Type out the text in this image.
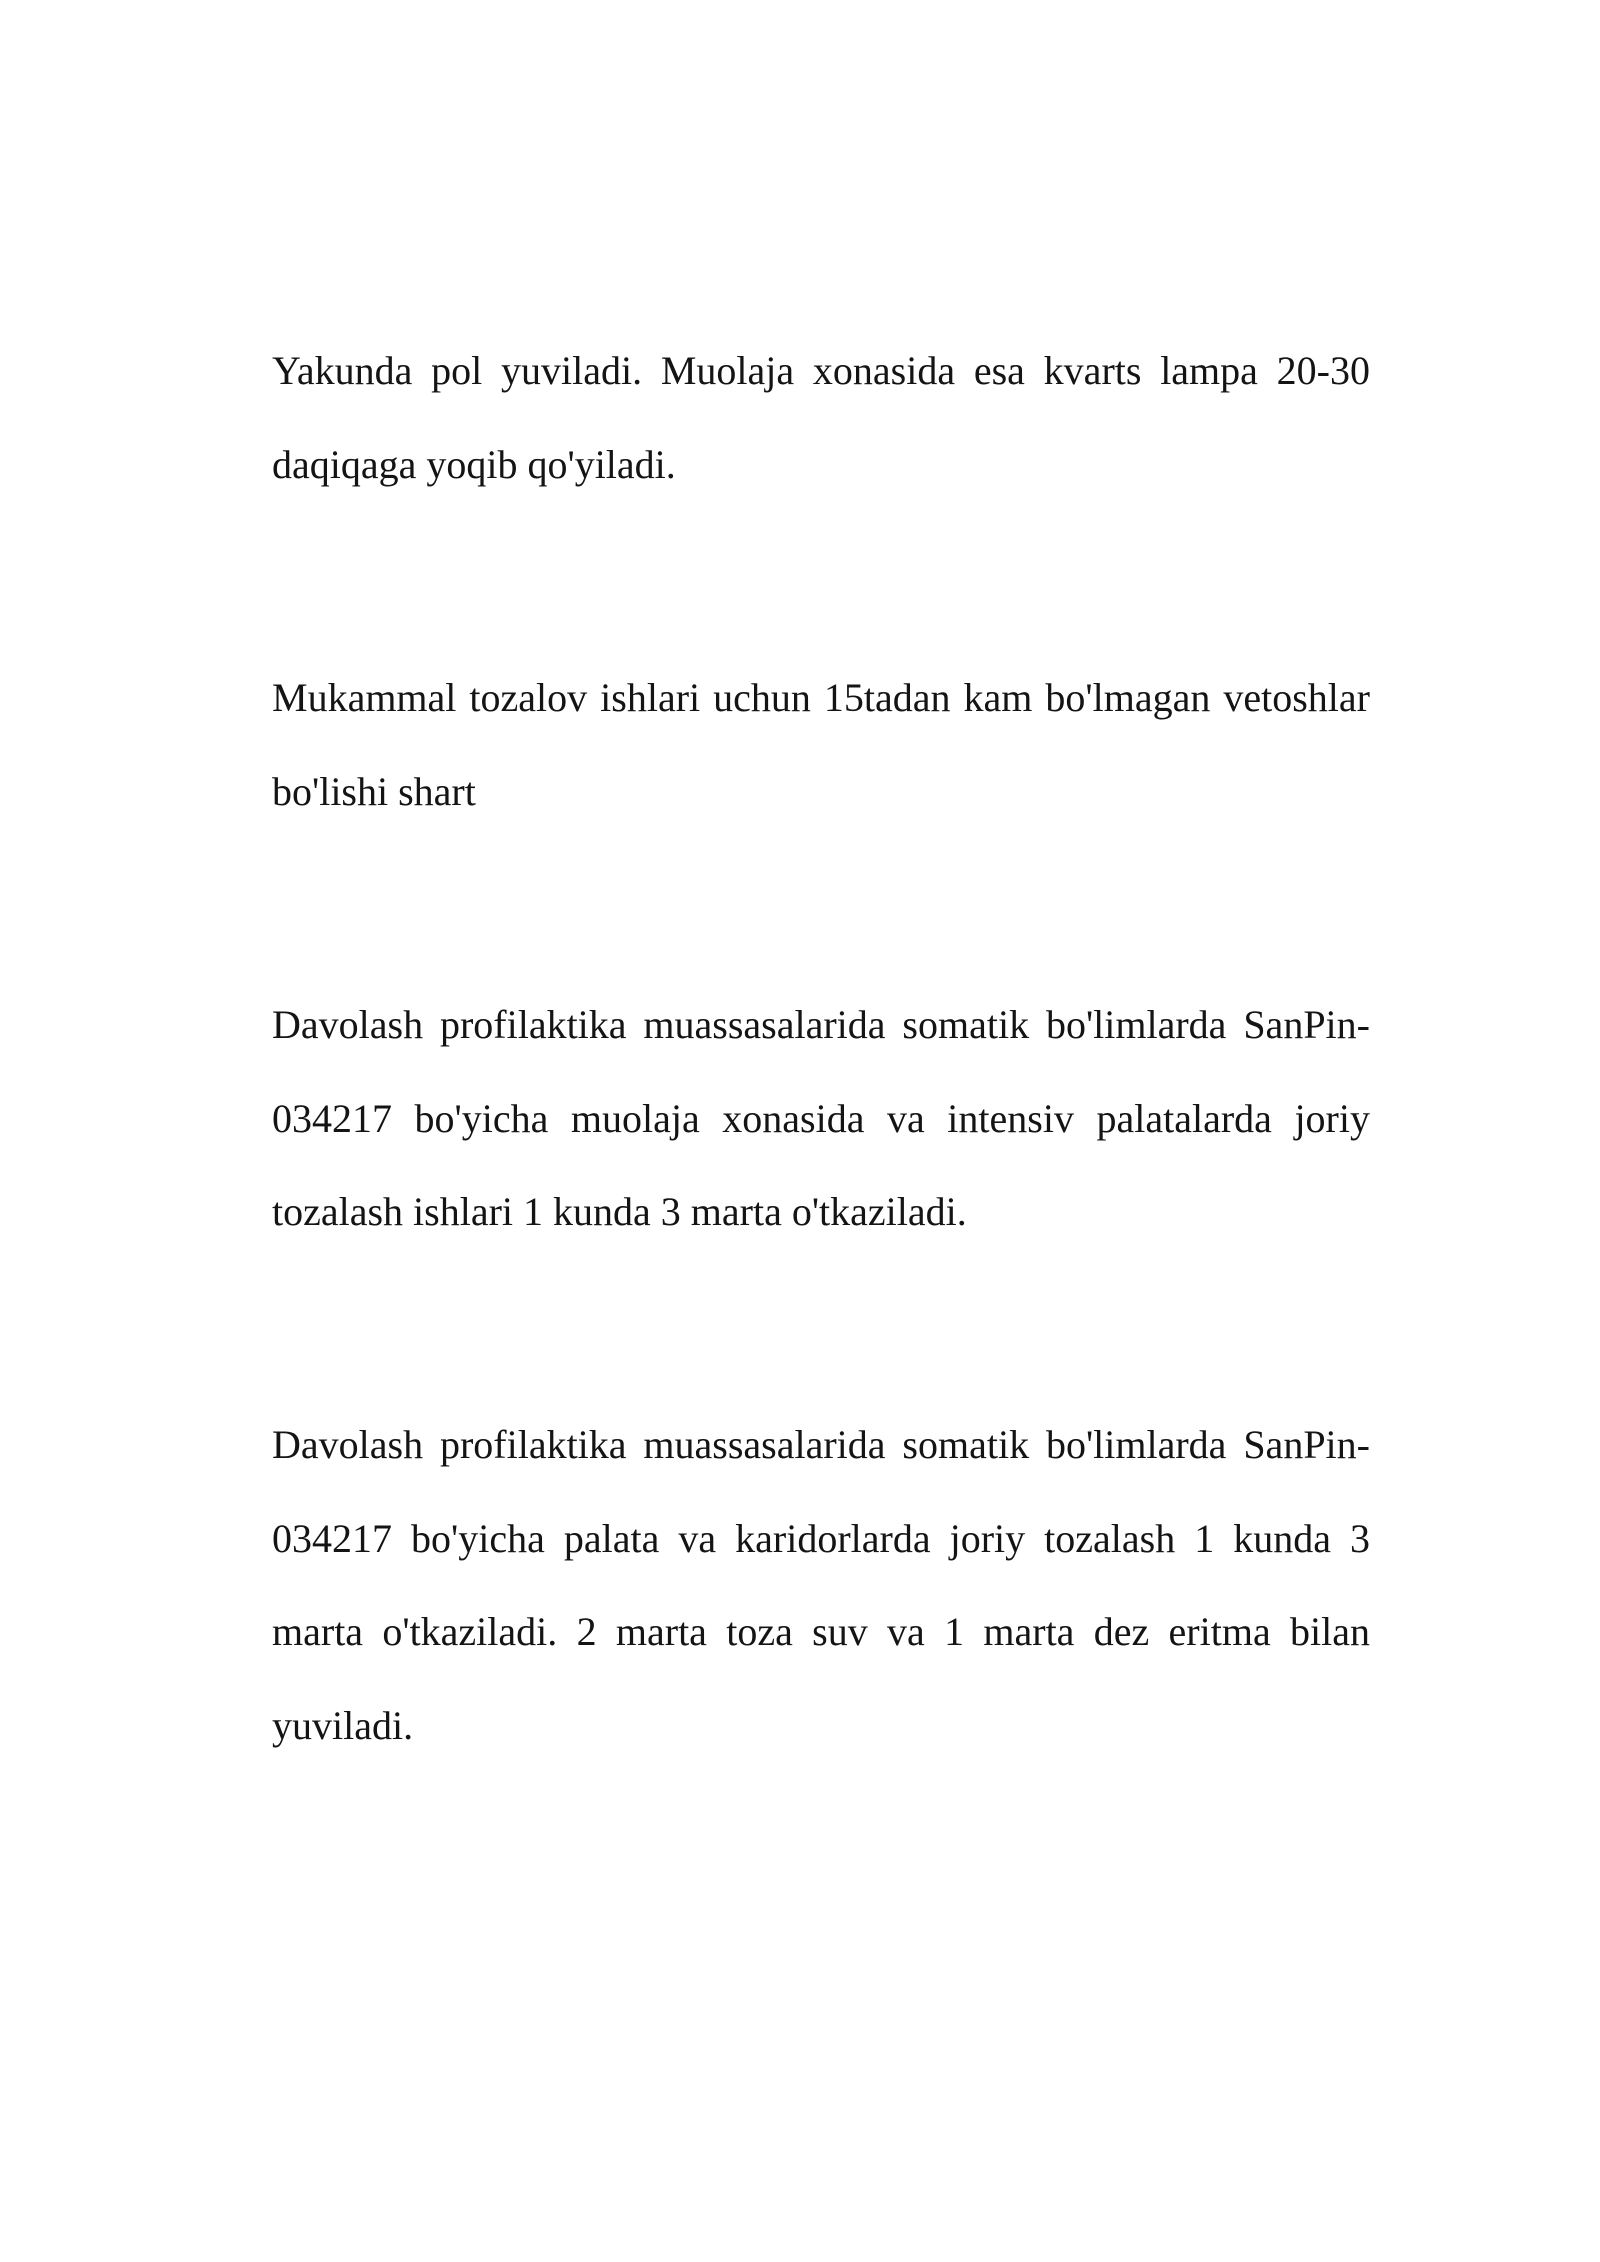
Yakunda pol yuviladi. Muolaja xonasida esa kvarts lampa 20-30 daqiqaga yoqib qo'yiladi.

Mukammal tozalov ishlari uchun 15tadan kam bo'lmagan vetoshlar bo'lishi shart

Davolash profilaktika muassasalarida somatik bo'limlarda SanPin-034217 bo'yicha muolaja xonasida va intensiv palatalarda joriy tozalash ishlari 1 kunda 3 marta o'tkaziladi.

Davolash profilaktika muassasalarida somatik bo'limlarda SanPin-034217 bo'yicha palata va karidorlarda joriy tozalash 1 kunda 3 marta o'tkaziladi. 2 marta toza suv va 1 marta dez eritma bilan yuviladi.
